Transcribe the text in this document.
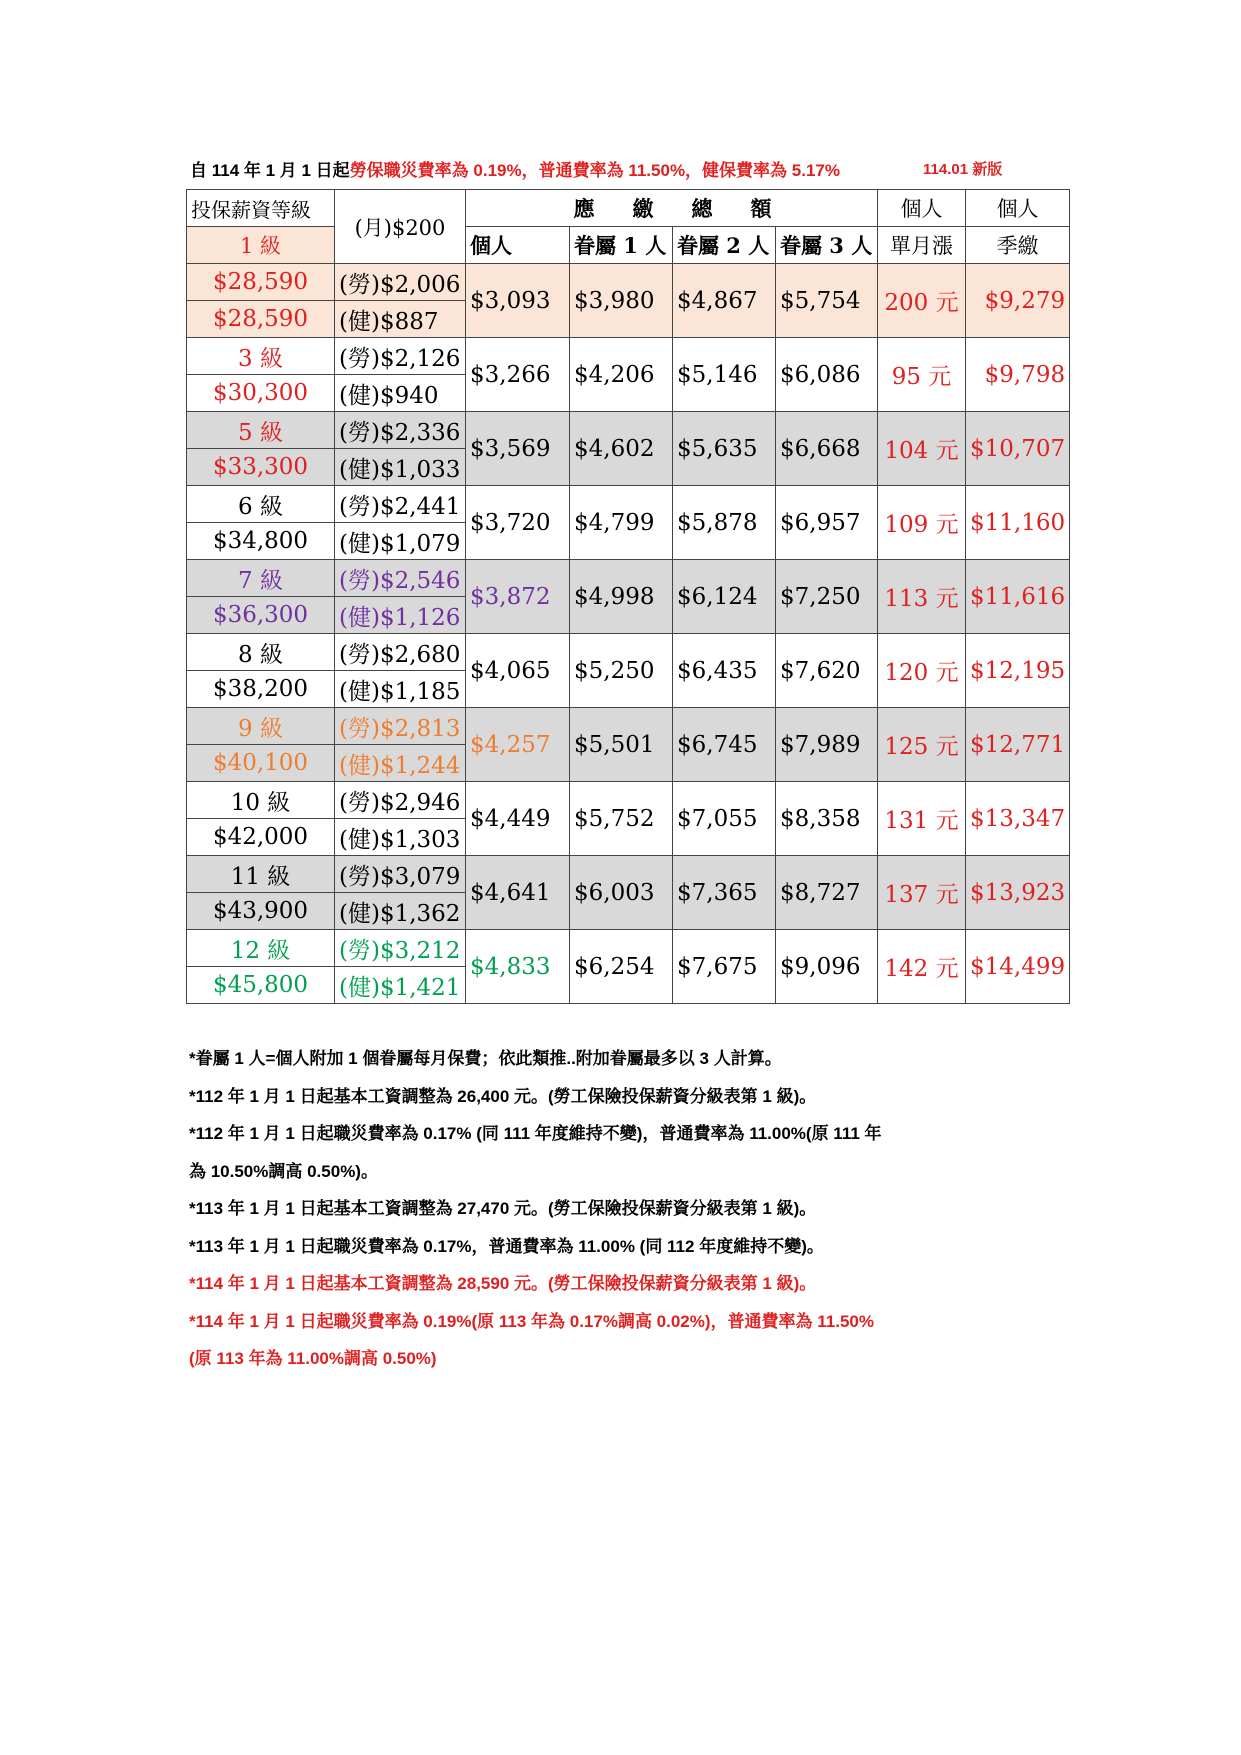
自 114 年 1 月 1 日起勞保職災費率為 0.19%，普通費率為 11.50%，健保費率為 5.17%	114.01 新版
投保薪資等級	(月)$200	應繳總額				個人	個人
1 級		個人	眷屬 1 人	眷屬 2 人	眷屬 3 人	單月漲	季繳
$28,590	(勞)$2,006	$3,093	$3,980	$4,867	$5,754	200 元	$9,279
$28,590	(健)$887						
3 級	(勞)$2,126	$3,266	$4,206	$5,146	$6,086	95 元	$9,798
$30,300	(健)$940						
5 級	(勞)$2,336	$3,569	$4,602	$5,635	$6,668	104 元	$10,707
$33,300	(健)$1,033						
6 級	(勞)$2,441	$3,720	$4,799	$5,878	$6,957	109 元	$11,160
$34,800	(健)$1,079						
7 級	(勞)$2,546	$3,872	$4,998	$6,124	$7,250	113 元	$11,616
$36,300	(健)$1,126						
8 級	(勞)$2,680	$4,065	$5,250	$6,435	$7,620	120 元	$12,195
$38,200	(健)$1,185						
9 級	(勞)$2,813	$4,257	$5,501	$6,745	$7,989	125 元	$12,771
$40,100	(健)$1,244						
10 級	(勞)$2,946	$4,449	$5,752	$7,055	$8,358	131 元	$13,347
$42,000	(健)$1,303						
11 級	(勞)$3,079	$4,641	$6,003	$7,365	$8,727	137 元	$13,923
$43,900	(健)$1,362						
12 級	(勞)$3,212	$4,833	$6,254	$7,675	$9,096	142 元	$14,499
$45,800	(健)$1,421						
*眷屬 1 人=個人附加 1 個眷屬每月保費；依此類推..附加眷屬最多以 3 人計算。
*112 年 1 月 1 日起基本工資調整為 26,400 元。(勞工保險投保薪資分級表第 1 級)。
*112 年 1 月 1 日起職災費率為 0.17% (同 111 年度維持不變)，普通費率為 11.00%(原 111 年
為 10.50%調高 0.50%)。
*113 年 1 月 1 日起基本工資調整為 27,470 元。(勞工保險投保薪資分級表第 1 級)。
*113 年 1 月 1 日起職災費率為 0.17%，普通費率為 11.00% (同 112 年度維持不變)。
*114 年 1 月 1 日起基本工資調整為 28,590 元。(勞工保險投保薪資分級表第 1 級)。
*114 年 1 月 1 日起職災費率為 0.19%(原 113 年為 0.17%調高 0.02%)，普通費率為 11.50%
(原 113 年為 11.00%調高 0.50%)
